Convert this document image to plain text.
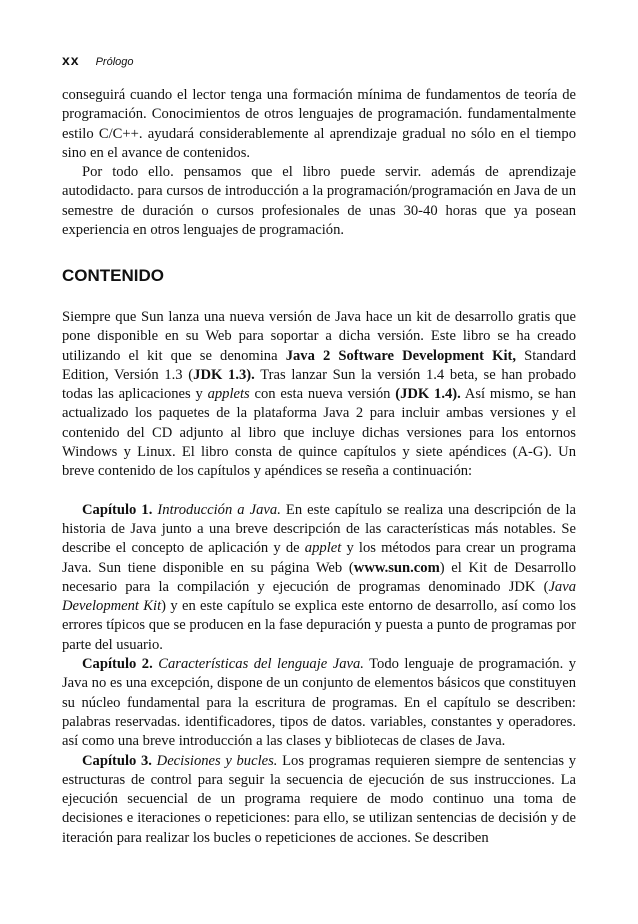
xx Prólogo

conseguirá cuando el lector tenga una formación mínima de fundamentos de teoría de programación. Conocimientos de otros lenguajes de programación. fundamentalmente estilo C/C++. ayudará considerablemente al aprendizaje gradual no sólo en el tiempo sino en el avance de contenidos.

Por todo ello. pensamos que el libro puede servir. además de aprendizaje autodidacto. para cursos de introducción a la programación/programación en Java de un semestre de duración o cursos profesionales de unas 30-40 horas que ya posean experiencia en otros lenguajes de programación.

CONTENIDO

Siempre que Sun lanza una nueva versión de Java hace un kit de desarrollo gratis que pone disponible en su Web para soportar a dicha versión. Este libro se ha creado utilizando el kit que se denomina Java 2 Software Development Kit, Standard Edition, Versión 1.3 (JDK 1.3). Tras lanzar Sun la versión 1.4 beta, se han probado todas las aplicaciones y applets con esta nueva versión (JDK 1.4). Así mismo, se han actualizado los paquetes de la plataforma Java 2 para incluir ambas versiones y el contenido del CD adjunto al libro que incluye dichas versiones para los entornos Windows y Linux. El libro consta de quince capítulos y siete apéndices (A-G). Un breve contenido de los capítulos y apéndices se reseña a continuación:

Capítulo 1. Introducción a Java. En este capítulo se realiza una descripción de la historia de Java junto a una breve descripción de las características más notables. Se describe el concepto de aplicación y de applet y los métodos para crear un programa Java. Sun tiene disponible en su página Web (www.sun.com) el Kit de Desarrollo necesario para la compilación y ejecución de programas denominado JDK (Java Development Kit) y en este capítulo se explica este entorno de desarrollo, así como los errores típicos que se producen en la fase depuración y puesta a punto de programas por parte del usuario.

Capítulo 2. Características del lenguaje Java. Todo lenguaje de programación. y Java no es una excepción, dispone de un conjunto de elementos básicos que constituyen su núcleo fundamental para la escritura de programas. En el capítulo se describen: palabras reservadas. identificadores, tipos de datos. variables, constantes y operadores. así como una breve introducción a las clases y bibliotecas de clases de Java.

Capítulo 3. Decisiones y bucles. Los programas requieren siempre de sentencias y estructuras de control para seguir la secuencia de ejecución de sus instrucciones. La ejecución secuencial de un programa requiere de modo continuo una toma de decisiones e iteraciones o repeticiones: para ello, se utilizan sentencias de decisión y de iteración para realizar los bucles o repeticiones de acciones. Se describen
